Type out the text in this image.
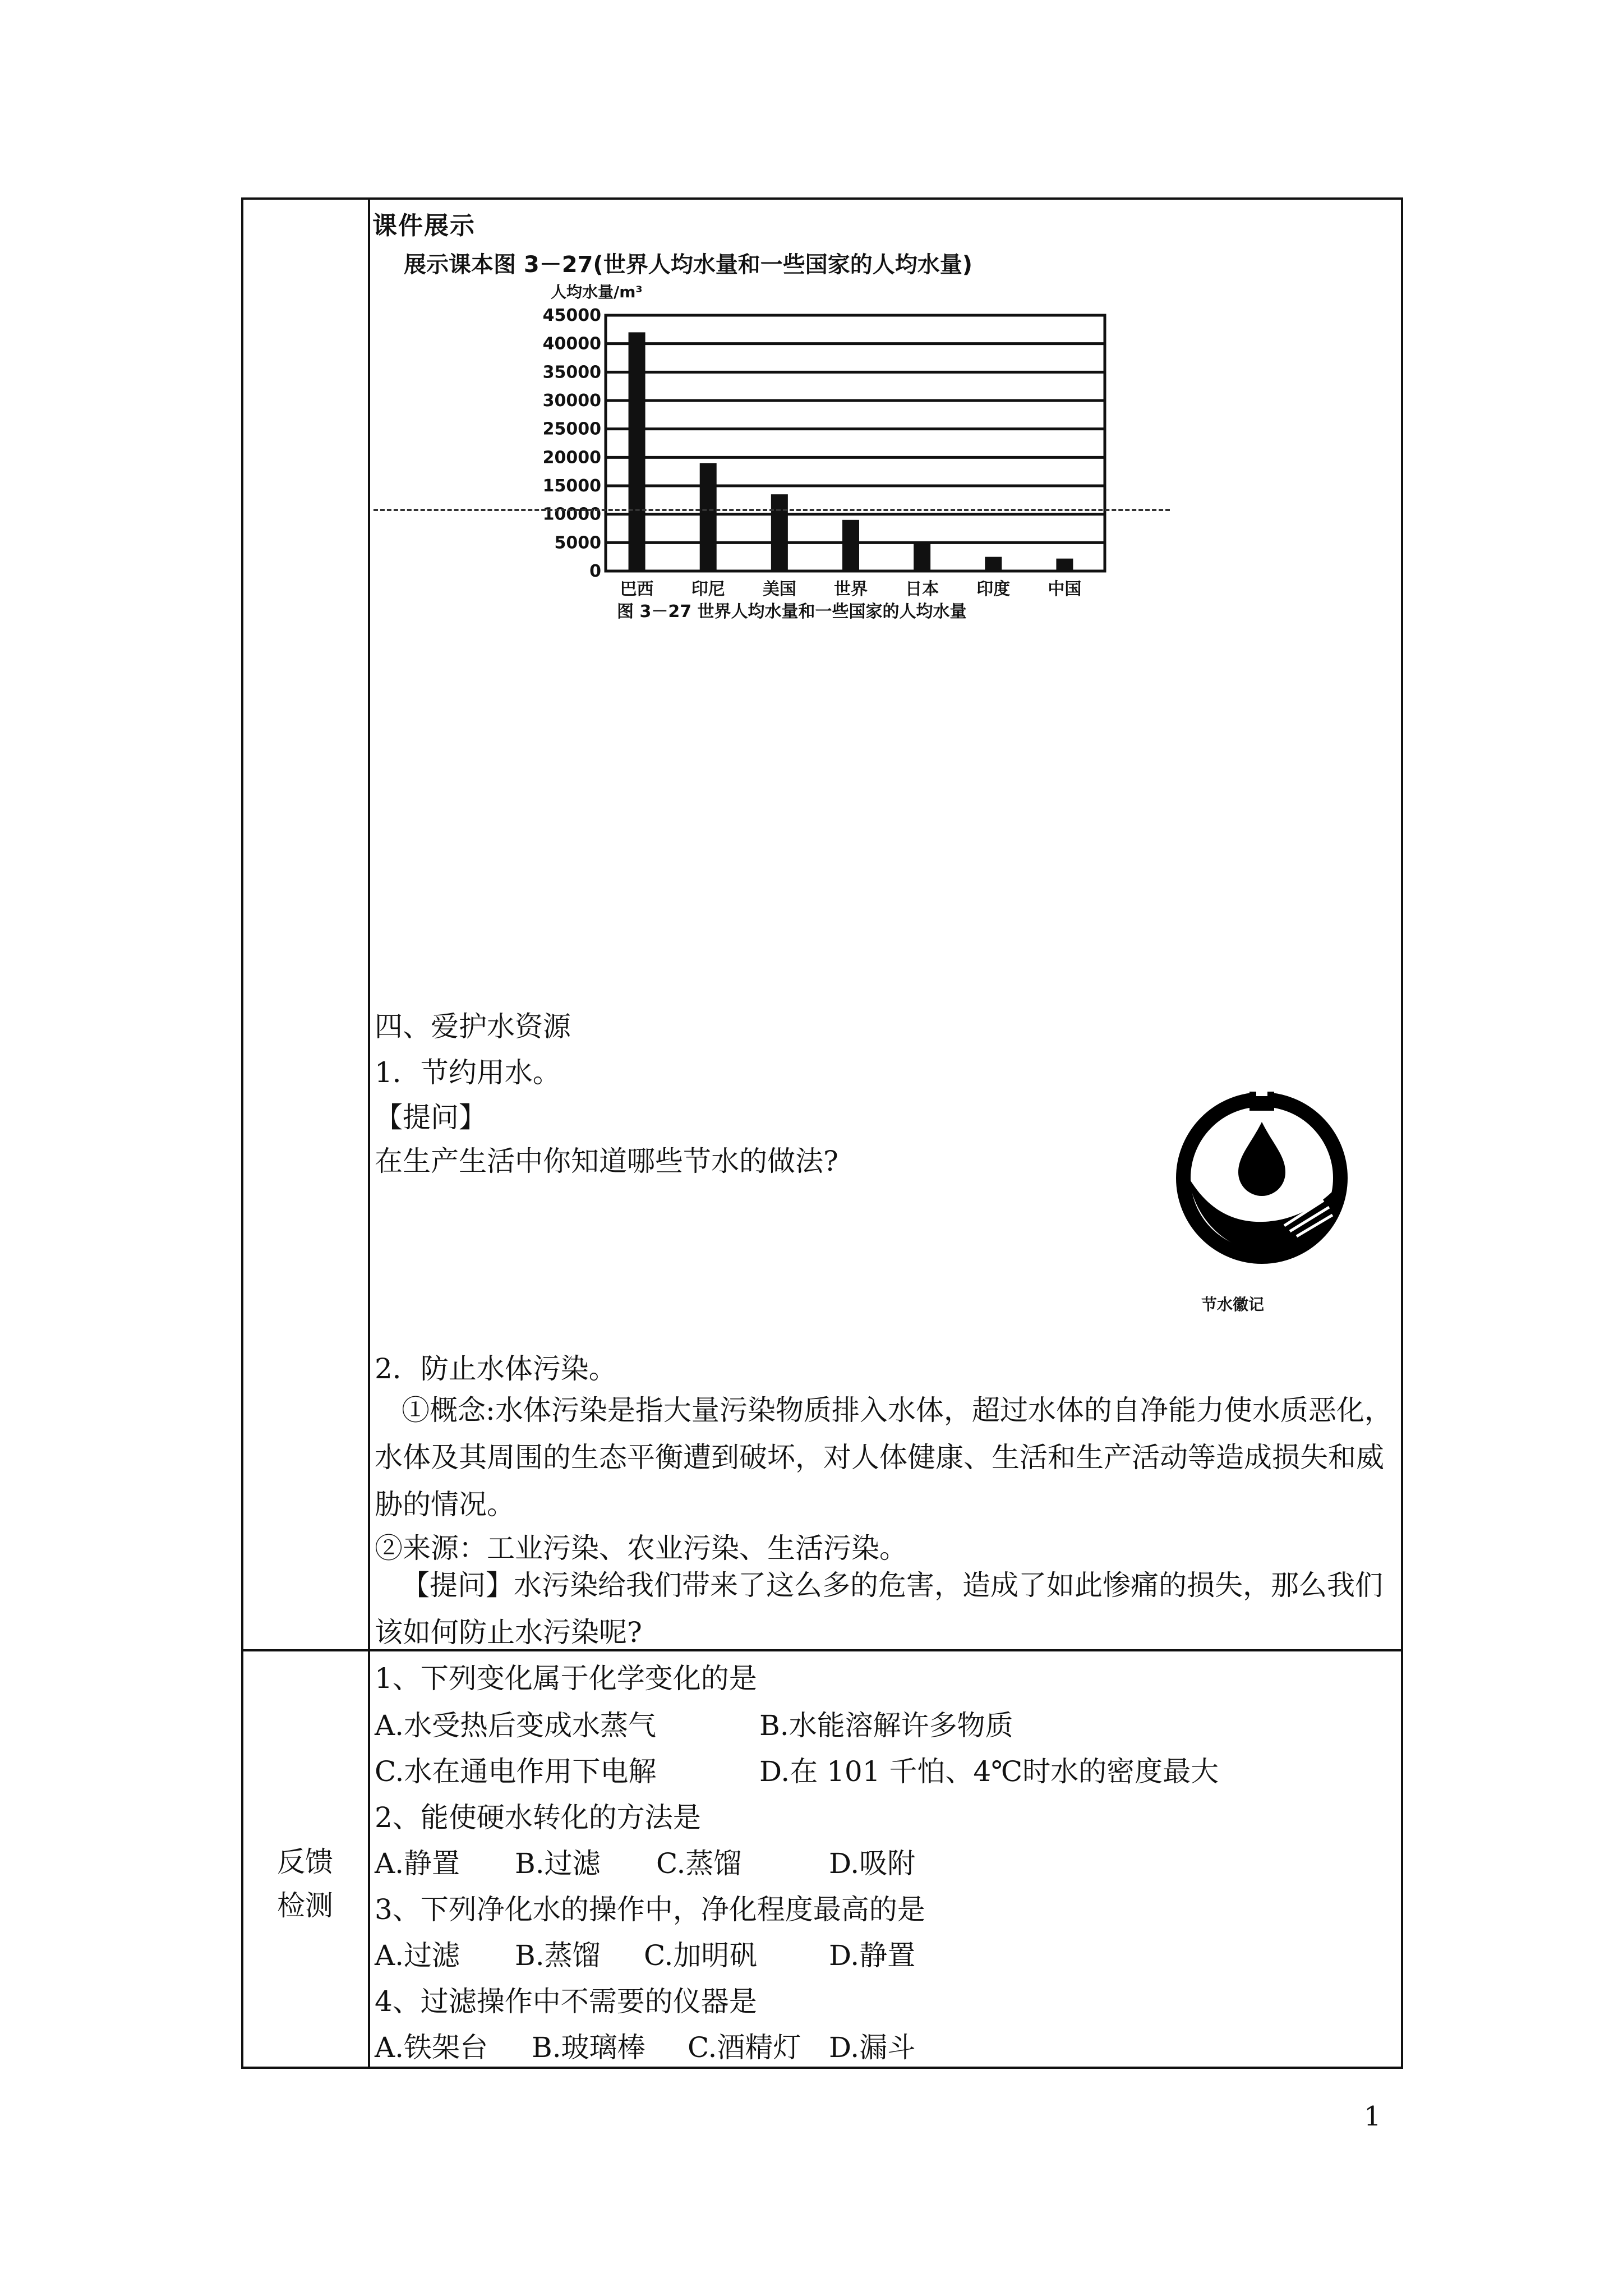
课件展示
展示课本图 3－27(世界人均水量和一些国家的人均水量)
人均水量/m³
0
5000
10000
15000
20000
25000
30000
35000
40000
45000
巴西 印尼 美国 世界 日本 印度 中国
图 3－27 世界人均水量和一些国家的人均水量
四、爱护水资源
1．节约用水。
【提问】
在生产生活中你知道哪些节水的做法?
节水徽记
2．防止水体污染。
①概念:水体污染是指大量污染物质排入水体，超过水体的自净能力使水质恶化，水体及其周围的生态平衡遭到破坏，对人体健康、生活和生产活动等造成损失和威胁的情况。
②来源：工业污染、农业污染、生活污染。
【提问】水污染给我们带来了这么多的危害，造成了如此惨痛的损失，那么我们该如何防止水污染呢?
反馈
检测
1、下列变化属于化学变化的是
A.水受热后变成水蒸气	B.水能溶解许多物质
C.水在通电作用下电解	D.在 101 千怕、4℃时水的密度最大
2、能使硬水转化的方法是
A.静置 B.过滤 C.蒸馏	D.吸附
3、下列净化水的操作中，净化程度最高的是
A.过滤 B.蒸馏 C.加明矾	D.静置
4、过滤操作中不需要的仪器是
A.铁架台 B.玻璃棒 C.酒精灯 D.漏斗
1
